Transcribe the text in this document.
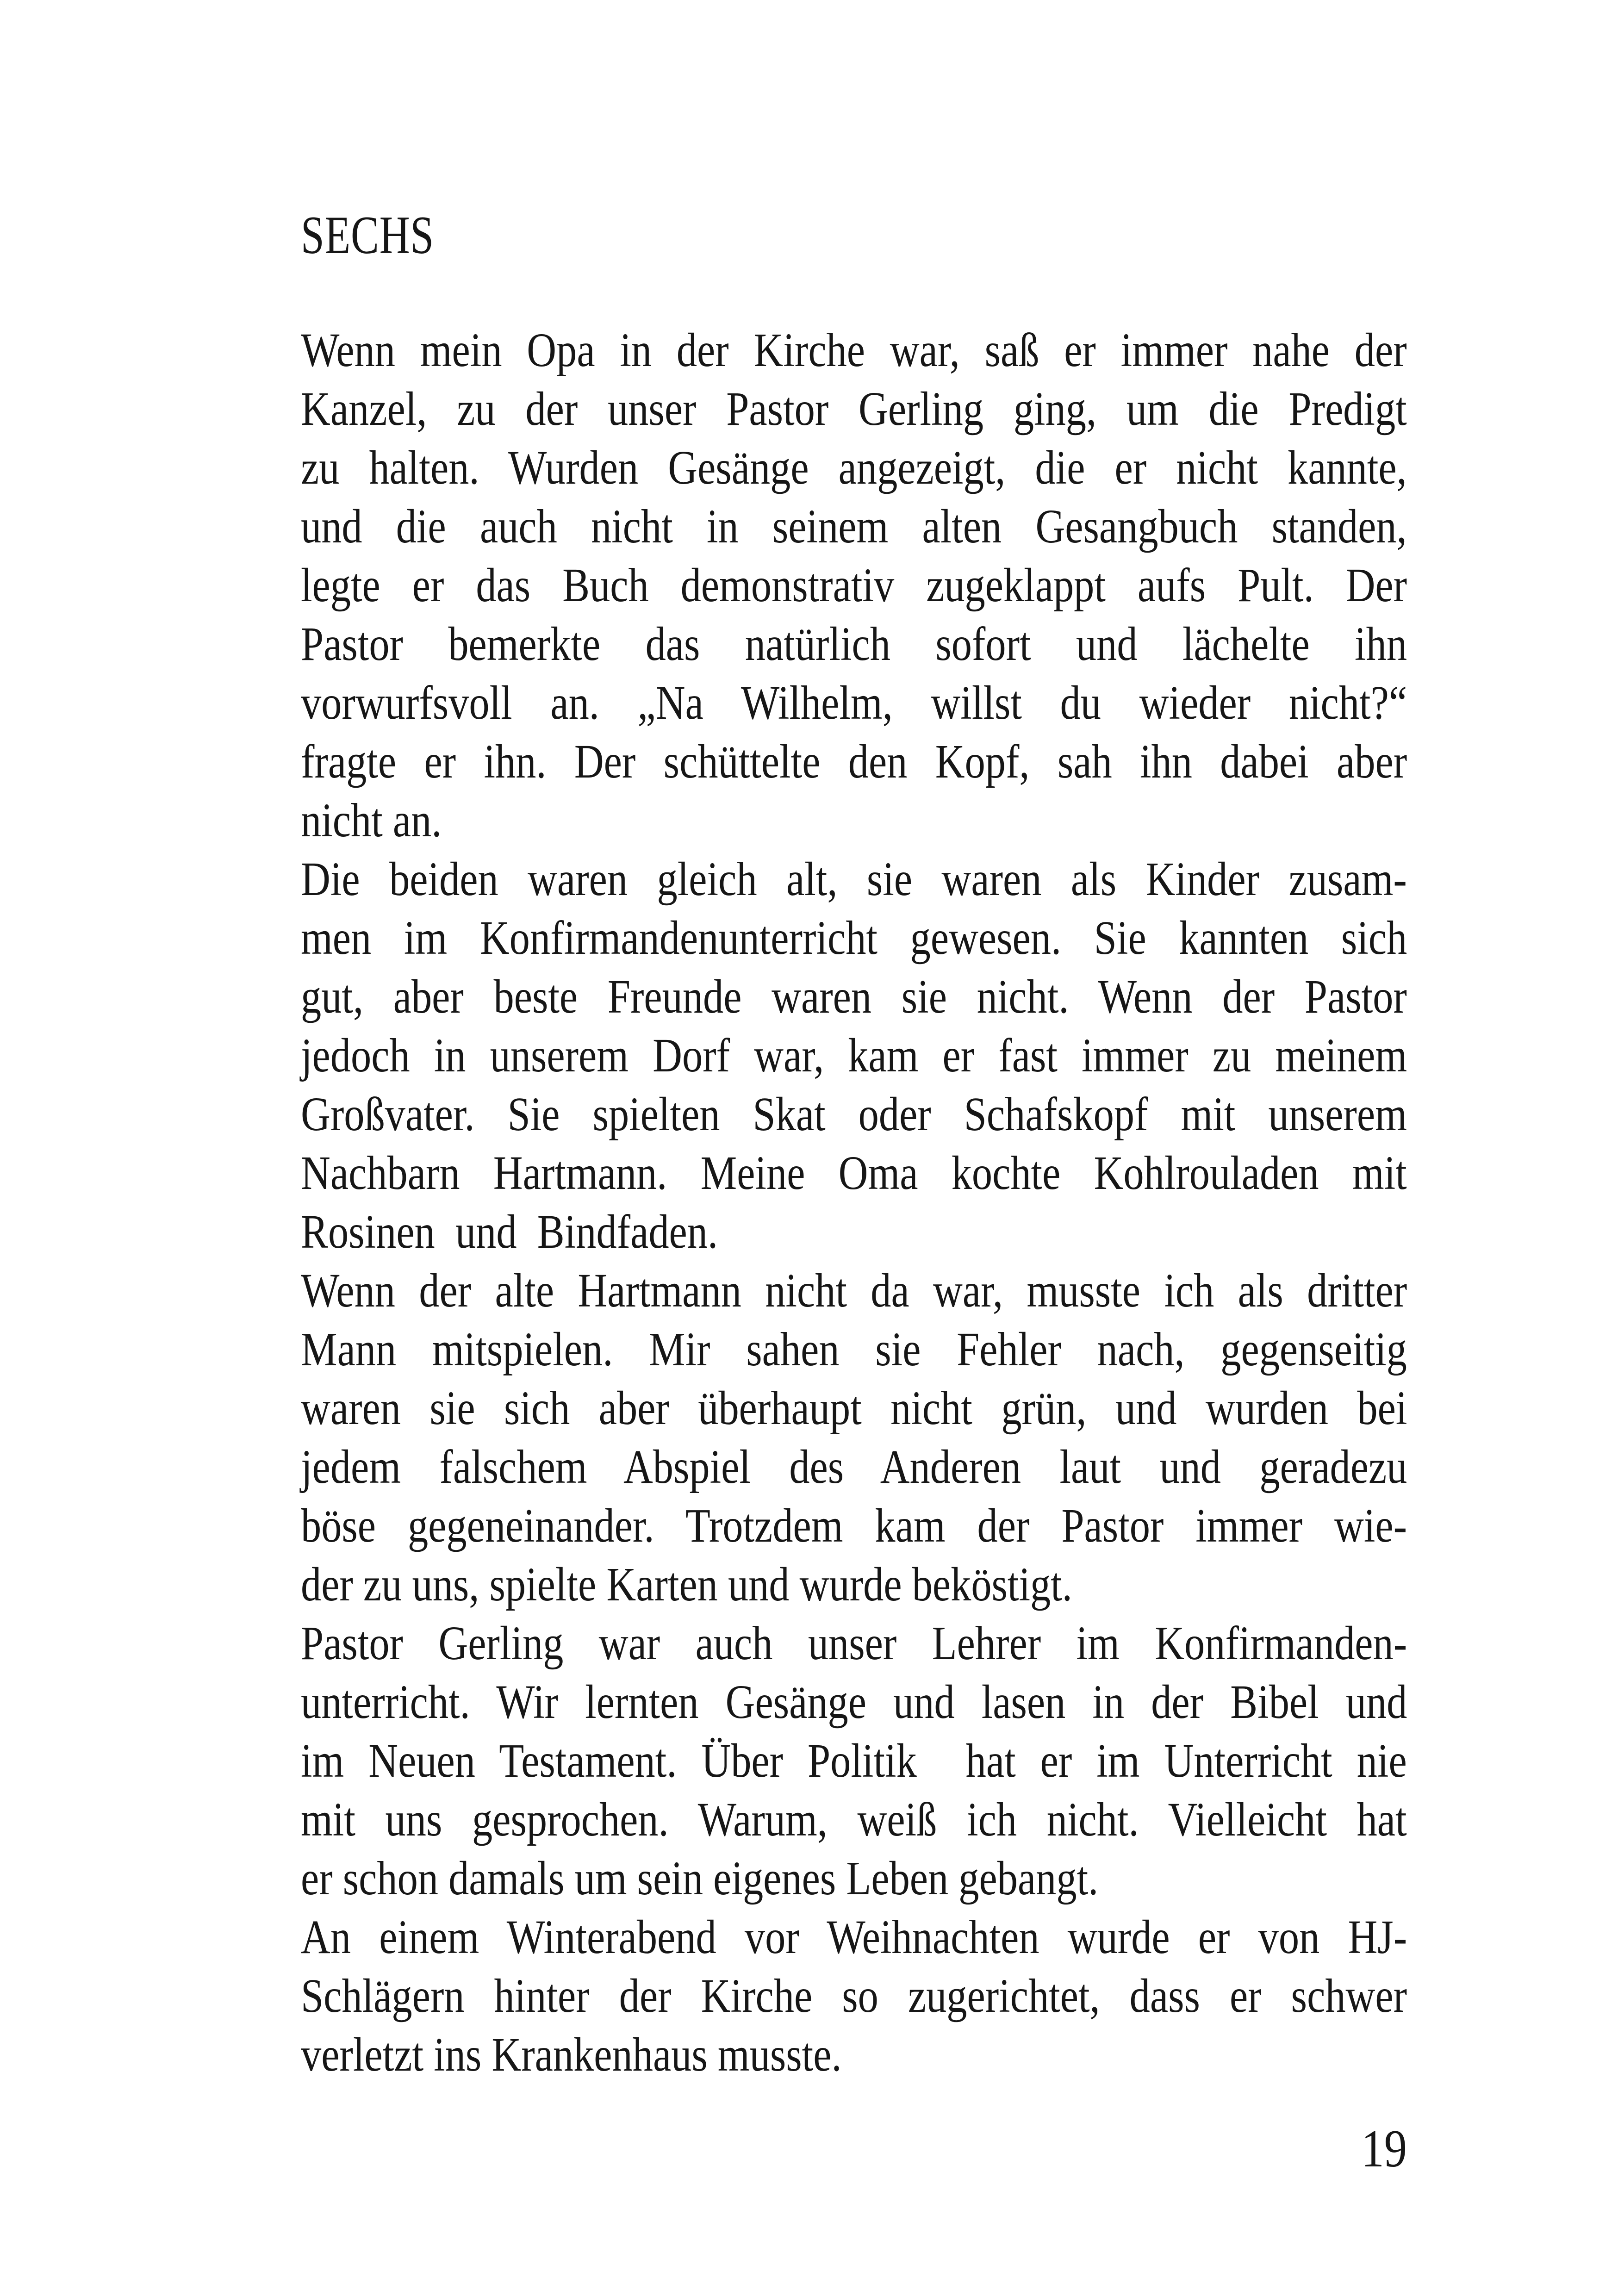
SECHS
Wenn mein Opa in der Kirche war, saß er immer nahe der
Kanzel, zu der unser Pastor Gerling ging, um die Predigt
zu halten. Wurden Gesänge angezeigt, die er nicht kannte,
und die auch nicht in seinem alten Gesangbuch standen,
legte er das Buch demonstrativ zugeklappt aufs Pult. Der
Pastor bemerkte das natürlich sofort und lächelte ihn
vorwurfsvoll an. „Na Wilhelm, willst du wieder nicht?“
fragte er ihn. Der schüttelte den Kopf, sah ihn dabei aber
nicht an.
Die beiden waren gleich alt, sie waren als Kinder zusam-
men im Konfirmandenunterricht gewesen. Sie kannten sich
gut, aber beste Freunde waren sie nicht. Wenn der Pastor
jedoch in unserem Dorf war, kam er fast immer zu meinem
Großvater. Sie spielten Skat oder Schafskopf mit unserem
Nachbarn Hartmann. Meine Oma kochte Kohlrouladen mit
Rosinen  und  Bindfaden.
Wenn der alte Hartmann nicht da war, musste ich als dritter
Mann mitspielen. Mir sahen sie Fehler nach, gegenseitig
waren sie sich aber überhaupt nicht grün, und wurden bei
jedem falschem Abspiel des Anderen laut und geradezu
böse gegeneinander. Trotzdem kam der Pastor immer wie-
der zu uns, spielte Karten und wurde beköstigt.
Pastor Gerling war auch unser Lehrer im Konfirmanden-
unterricht. Wir lernten Gesänge und lasen in der Bibel und
im Neuen Testament. Über Politik  hat er im Unterricht nie
mit uns gesprochen. Warum, weiß ich nicht. Vielleicht hat
er schon damals um sein eigenes Leben gebangt.
An einem Winterabend vor Weihnachten wurde er von HJ-
Schlägern hinter der Kirche so zugerichtet, dass er schwer
verletzt ins Krankenhaus musste.
19
